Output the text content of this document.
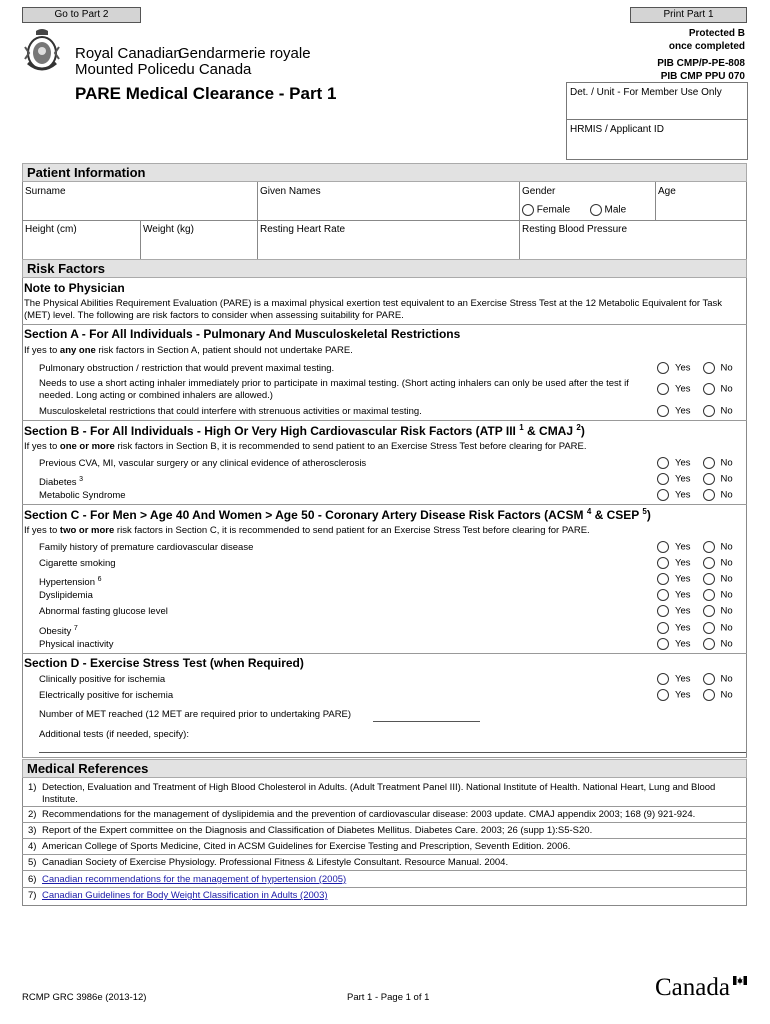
Go to Part 2	Print Part 1
Royal Canadian
Mounted Police
Gendarmerie royale
du Canada
Protected B
once completed
PIB CMP/P-PE-808
PIB CMP PPU 070
PARE Medical Clearance - Part 1	Det. / Unit - For Member Use Only
HRMIS / Applicant ID
Patient Information
Surname	Given Names	Gender	Age
Female	Male
Height (cm)	Weight (kg)	Resting Heart Rate	Resting Blood Pressure
Risk Factors
Note to Physician
The Physical Abilities Requirement Evaluation (PARE) is a maximal physical exertion test equivalent to an Exercise Stress Test at the 12 Metabolic Equivalent for Task (MET) level. The following are risk factors to consider when assessing suitability for PARE.
Section A - For All Individuals - Pulmonary And Musculoskeletal Restrictions
If yes to any one risk factors in Section A, patient should not undertake PARE.
Pulmonary obstruction / restriction that would prevent maximal testing.	Yes	No
Needs to use a short acting inhaler immediately prior to participate in maximal testing. (Short acting inhalers can only be used after the test if needed. Long acting or combined inhalers are allowed.)
Yes	No
Musculoskeletal restrictions that could interfere with strenuous activities or maximal testing.	Yes	No
Section B - For All Individuals - High Or Very High Cardiovascular Risk Factors (ATP III $^1$ & CMAJ $^2$)
If yes to one or more risk factors in Section B, it is recommended to send patient to an Exercise Stress Test before clearing for PARE.
Previous CVA, MI, vascular surgery or any clinical evidence of atherosclerosis	Yes	No
Diabetes $^3$	Yes	No
Metabolic Syndrome	Yes	No
Section C - For Men > Age 40 And Women > Age 50 - Coronary Artery Disease Risk Factors (ACSM $^4$ & CSEP $^5$)
If yes to two or more risk factors in Section C, it is recommended to send patient for an Exercise Stress Test before clearing for PARE.
Family history of premature cardiovascular disease	Yes	No
Cigarette smoking	Yes	No
Hypertension $^6$	Yes	No
Dyslipidemia	Yes	No
Abnormal fasting glucose level	Yes	No
Obesity $^7$	Yes	No
Physical inactivity	Yes	No
Section D - Exercise Stress Test (when Required)
Clinically positive for ischemia	Yes	No
Electrically positive for ischemia	Yes	No
Number of MET reached (12 MET are required prior to undertaking PARE)
Additional tests (if needed, specify):
Medical References
1) Detection, Evaluation and Treatment of High Blood Cholesterol in Adults. (Adult Treatment Panel III). National Institute of Health. National Heart, Lung and Blood Institute.
2) Recommendations for the management of dyslipidemia and the prevention of cardiovascular disease: 2003 update. CMAJ appendix 2003; 168 (9) 921-924.
3) Report of the Expert committee on the Diagnosis and Classification of Diabetes Mellitus. Diabetes Care. 2003; 26 (supp 1):S5-S20.
4) American College of Sports Medicine, Cited in ACSM Guidelines for Exercise Testing and Prescription, Seventh Edition. 2006.
5) Canadian Society of Exercise Physiology. Professional Fitness & Lifestyle Consultant. Resource Manual. 2004.
6) Canadian recommendations for the management of hypertension (2005)
7) Canadian Guidelines for Body Weight Classification in Adults (2003)
RCMP GRC 3986e (2013-12)	Part 1 - Page 1 of 1	Canada
